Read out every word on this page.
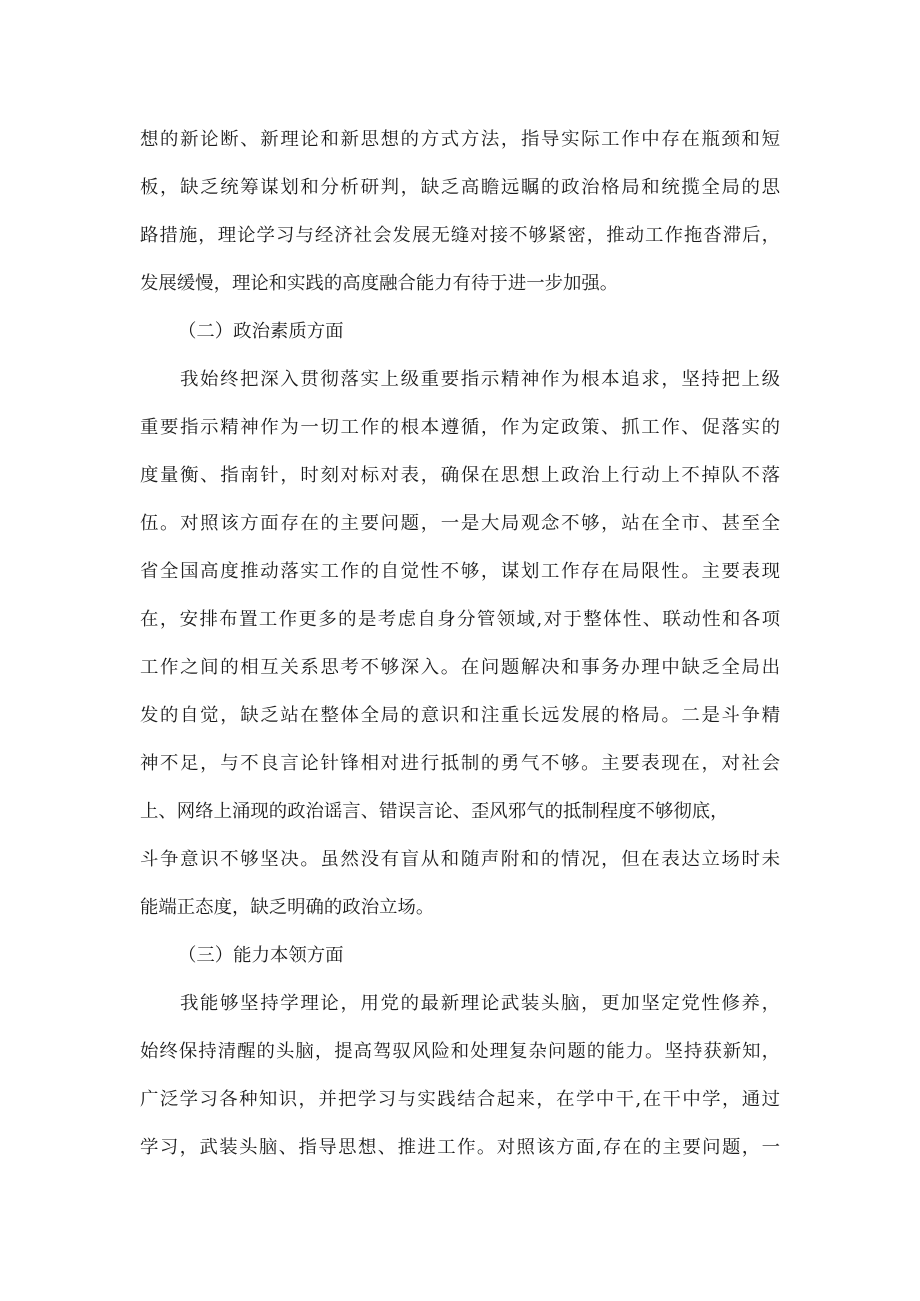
想的新论断、新理论和新思想的方式方法，指导实际工作中存在瓶颈和短
板，缺乏统筹谋划和分析研判，缺乏高瞻远瞩的政治格局和统揽全局的思
路措施，理论学习与经济社会发展无缝对接不够紧密，推动工作拖沓滞后，
发展缓慢，理论和实践的高度融合能力有待于进一步加强。
（二）政治素质方面
我始终把深入贯彻落实上级重要指示精神作为根本追求，坚持把上级
重要指示精神作为一切工作的根本遵循，作为定政策、抓工作、促落实的
度量衡、指南针，时刻对标对表，确保在思想上政治上行动上不掉队不落
伍。对照该方面存在的主要问题，一是大局观念不够，站在全市、甚至全
省全国高度推动落实工作的自觉性不够，谋划工作存在局限性。主要表现
在，安排布置工作更多的是考虑自身分管领域,对于整体性、联动性和各项
工作之间的相互关系思考不够深入。在问题解决和事务办理中缺乏全局出
发的自觉，缺乏站在整体全局的意识和注重长远发展的格局。二是斗争精
神不足，与不良言论针锋相对进行抵制的勇气不够。主要表现在，对社会
上、网络上涌现的政治谣言、错误言论、歪风邪气的抵制程度不够彻底，
斗争意识不够坚决。虽然没有盲从和随声附和的情况，但在表达立场时未
能端正态度，缺乏明确的政治立场。
（三）能力本领方面
我能够坚持学理论，用党的最新理论武装头脑，更加坚定党性修养，
始终保持清醒的头脑，提高驾驭风险和处理复杂问题的能力。坚持获新知，
广泛学习各种知识，并把学习与实践结合起来，在学中干,在干中学，通过
学习，武装头脑、指导思想、推进工作。对照该方面,存在的主要问题，一
